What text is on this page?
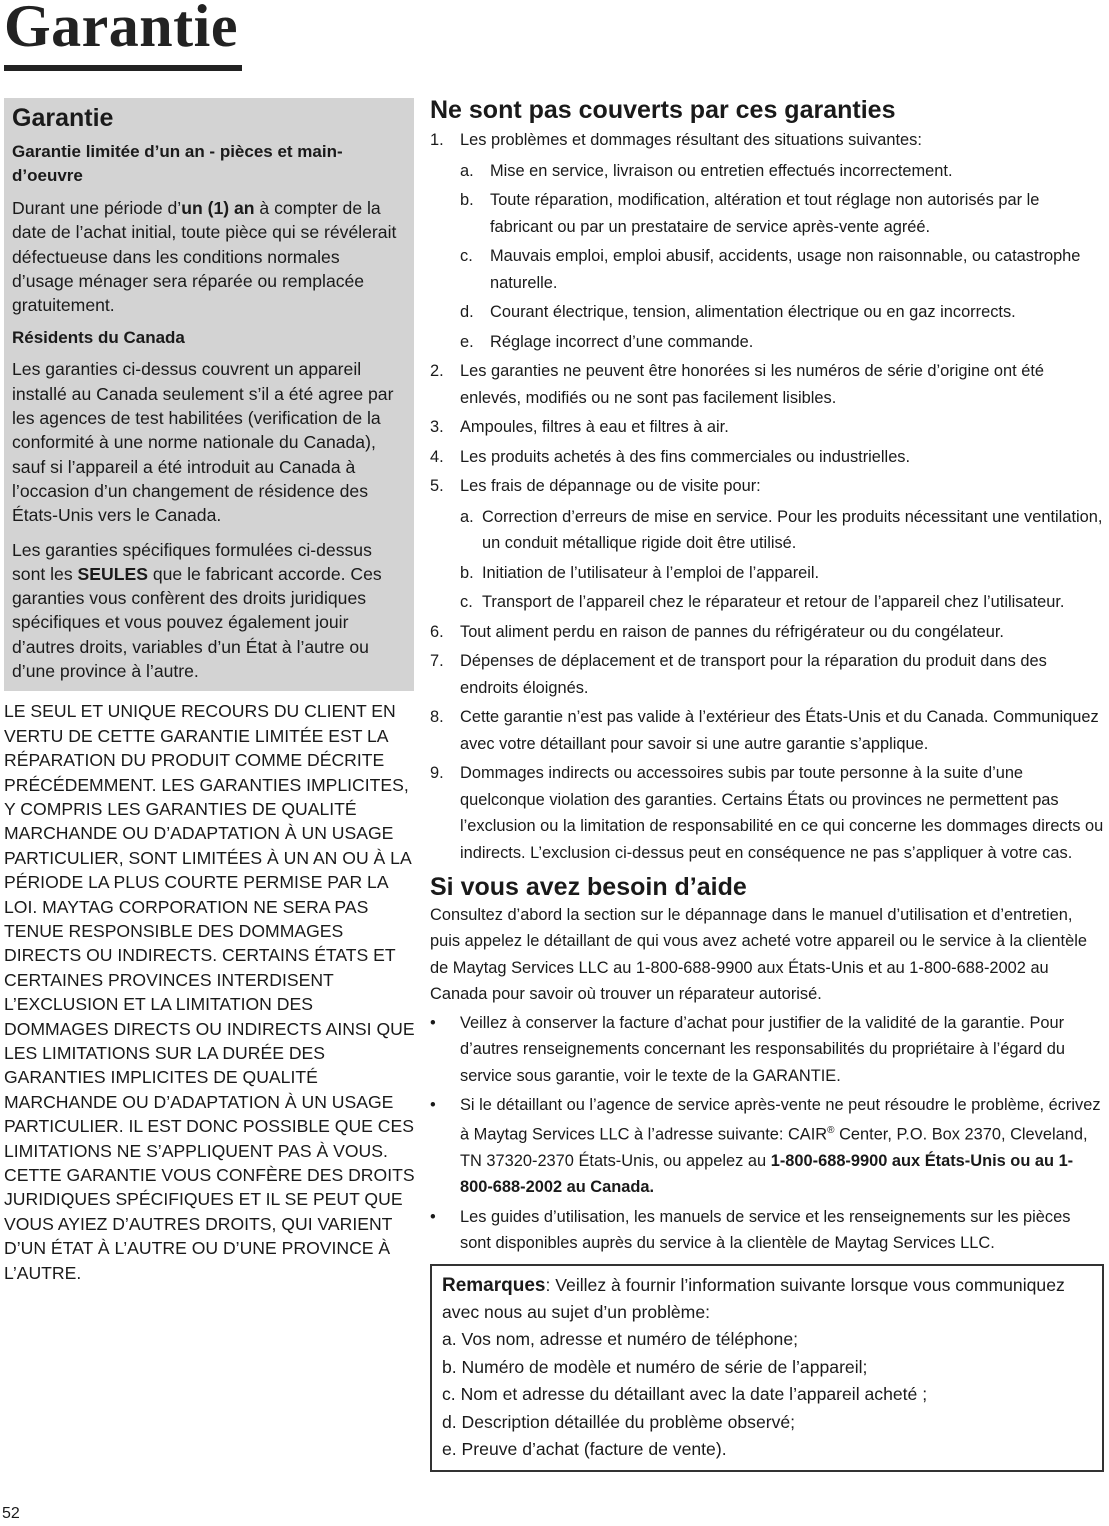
Garantie
Garantie
Garantie limitée d’un an - pièces et main-d’oeuvre

Durant une période d’un (1) an à compter de la date de l’achat initial, toute pièce qui se révélerait défectueuse dans les conditions normales d’usage ménager sera réparée ou remplacée gratuitement.

Résidents du Canada

Les garanties ci-dessus couvrent un appareil installé au Canada seulement s’il a été agree par les agences de test habilitées (verification de la conformité à une norme nationale du Canada), sauf si l’appareil a été introduit au Canada à l’occasion d’un changement de résidence des États-Unis vers le Canada.

Les garanties spécifiques formulées ci-dessus sont les SEULES que le fabricant accorde. Ces garanties vous confèrent des droits juridiques spécifiques et vous pouvez également jouir d’autres droits, variables d’un État à l’autre ou d’une province à l’autre.

LE SEUL ET UNIQUE RECOURS DU CLIENT EN VERTU DE CETTE GARANTIE LIMITÉE EST LA RÉPARATION DU PRODUIT COMME DÉCRITE PRÉCÉDEMMENT. LES GARANTIES IMPLICITES, Y COMPRIS LES GARANTIES DE QUALITÉ MARCHANDE OU D’ADAPTATION À UN USAGE PARTICULIER, SONT LIMITÉES À UN AN OU À LA PÉRIODE LA PLUS COURTE PERMISE PAR LA LOI. MAYTAG CORPORATION NE SERA PAS TENUE RESPONSIBLE DES DOMMAGES DIRECTS OU INDIRECTS. CERTAINS ÉTATS ET CERTAINES PROVINCES INTERDISENT L’EXCLUSION ET LA LIMITATION DES DOMMAGES DIRECTS OU INDIRECTS AINSI QUE LES LIMITATIONS SUR LA DURÉE DES GARANTIES IMPLICITES DE QUALITÉ MARCHANDE OU D’ADAPTATION À UN USAGE PARTICULIER. IL EST DONC POSSIBLE QUE CES LIMITATIONS NE S’APPLIQUENT PAS À VOUS. CETTE GARANTIE VOUS CONFÈRE DES DROITS JURIDIQUES SPÉCIFIQUES ET IL SE PEUT QUE VOUS AYIEZ D’AUTRES DROITS, QUI VARIENT D’UN ÉTAT À L’AUTRE OU D’UNE PROVINCE À L’AUTRE.

Ne sont pas couverts par ces garanties
1. Les problèmes et dommages résultant des situations suivantes:
a. Mise en service, livraison ou entretien effectués incorrectement.
b. Toute réparation, modification, altération et tout réglage non autorisés par le fabricant ou par un prestataire de service après-vente agréé.
c. Mauvais emploi, emploi abusif, accidents, usage non raisonnable, ou catastrophe naturelle.
d. Courant électrique, tension, alimentation électrique ou en gaz incorrects.
e. Réglage incorrect d’une commande.
2. Les garanties ne peuvent être honorées si les numéros de série d’origine ont été enlevés, modifiés ou ne sont pas facilement lisibles.
3. Ampoules, filtres à eau et filtres à air.
4. Les produits achetés à des fins commerciales ou industrielles.
5. Les frais de dépannage ou de visite pour:
a. Correction d’erreurs de mise en service. Pour les produits nécessitant une ventilation, un conduit métallique rigide doit être utilisé.
b. Initiation de l’utilisateur à l’emploi de l’appareil.
c. Transport de l’appareil chez le réparateur et retour de l’appareil chez l’utilisateur.
6. Tout aliment perdu en raison de pannes du réfrigérateur ou du congélateur.
7. Dépenses de déplacement et de transport pour la réparation du produit dans des endroits éloignés.
8. Cette garantie n’est pas valide à l’extérieur des États-Unis et du Canada. Communiquez avec votre détaillant pour savoir si une autre garantie s’applique.
9. Dommages indirects ou accessoires subis par toute personne à la suite d’une quelconque violation des garanties. Certains États ou provinces ne permettent pas l’exclusion ou la limitation de responsabilité en ce qui concerne les dommages directs ou indirects. L’exclusion ci-dessus peut en conséquence ne pas s’appliquer à votre cas.
Si vous avez besoin d’aide

Consultez d’abord la section sur le dépannage dans le manuel d’utilisation et d’entretien, puis appelez le détaillant de qui vous avez acheté votre appareil ou le service à la clientèle de Maytag Services LLC au 1-800-688-9900 aux États-Unis et au 1-800-688-2002 au Canada pour savoir où trouver un réparateur autorisé.

• Veillez à conserver la facture d’achat pour justifier de la validité de la garantie. Pour d’autres renseignements concernant les responsabilités du propriétaire à l’égard du service sous garantie, voir le texte de la GARANTIE.
• Si le détaillant ou l’agence de service après-vente ne peut résoudre le problème, écrivez à Maytag Services LLC à l’adresse suivante: CAIR® Center, P.O. Box 2370, Cleveland, TN 37320-2370 États-Unis, ou appelez au 1-800-688-9900 aux États-Unis ou au 1-800-688-2002 au Canada.
• Les guides d’utilisation, les manuels de service et les renseignements sur les pièces sont disponibles auprès du service à la clientèle de Maytag Services LLC.

Remarques: Veillez à fournir l’information suivante lorsque vous communiquez avec nous au sujet d’un problème:

a. Vos nom, adresse et numéro de téléphone;
b. Numéro de modèle et numéro de série de l’appareil;
c. Nom et adresse du détaillant avec la date l’appareil acheté ;
d. Description détaillée du problème observé;
e. Preuve d’achat (facture de vente).
52
